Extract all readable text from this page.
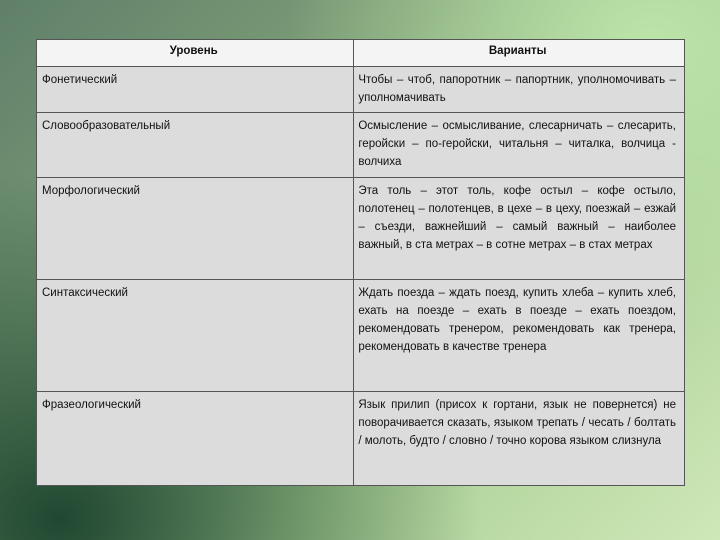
Уровень	Варианты
Фонетический	Чтобы – чтоб, папоротник – папортник, уполномочивать – уполномачивать
Словообразовательный	Осмысление – осмысливание, слесарничать – слесарить, геройски – по-геройски, читальня – читалка, волчица - волчиха
Морфологический	Эта толь – этот толь, кофе остыл – кофе остыло, полотенец – полотенцев, в цехе – в цеху, поезжай – езжай – съезди, важнейший – самый важный – наиболее важный, в ста метрах – в сотне метрах – в стах метрах
Синтаксический	Ждать поезда – ждать поезд, купить хлеба – купить хлеб, ехать на поезде – ехать в поезде – ехать поездом, рекомендовать тренером, рекомендовать как тренера, рекомендовать в качестве тренера
Фразеологический	Язык прилип (присох к гортани, язык не повернется) не поворачивается сказать, языком трепать / чесать / болтать / молоть, будто / словно / точно корова языком слизнула
